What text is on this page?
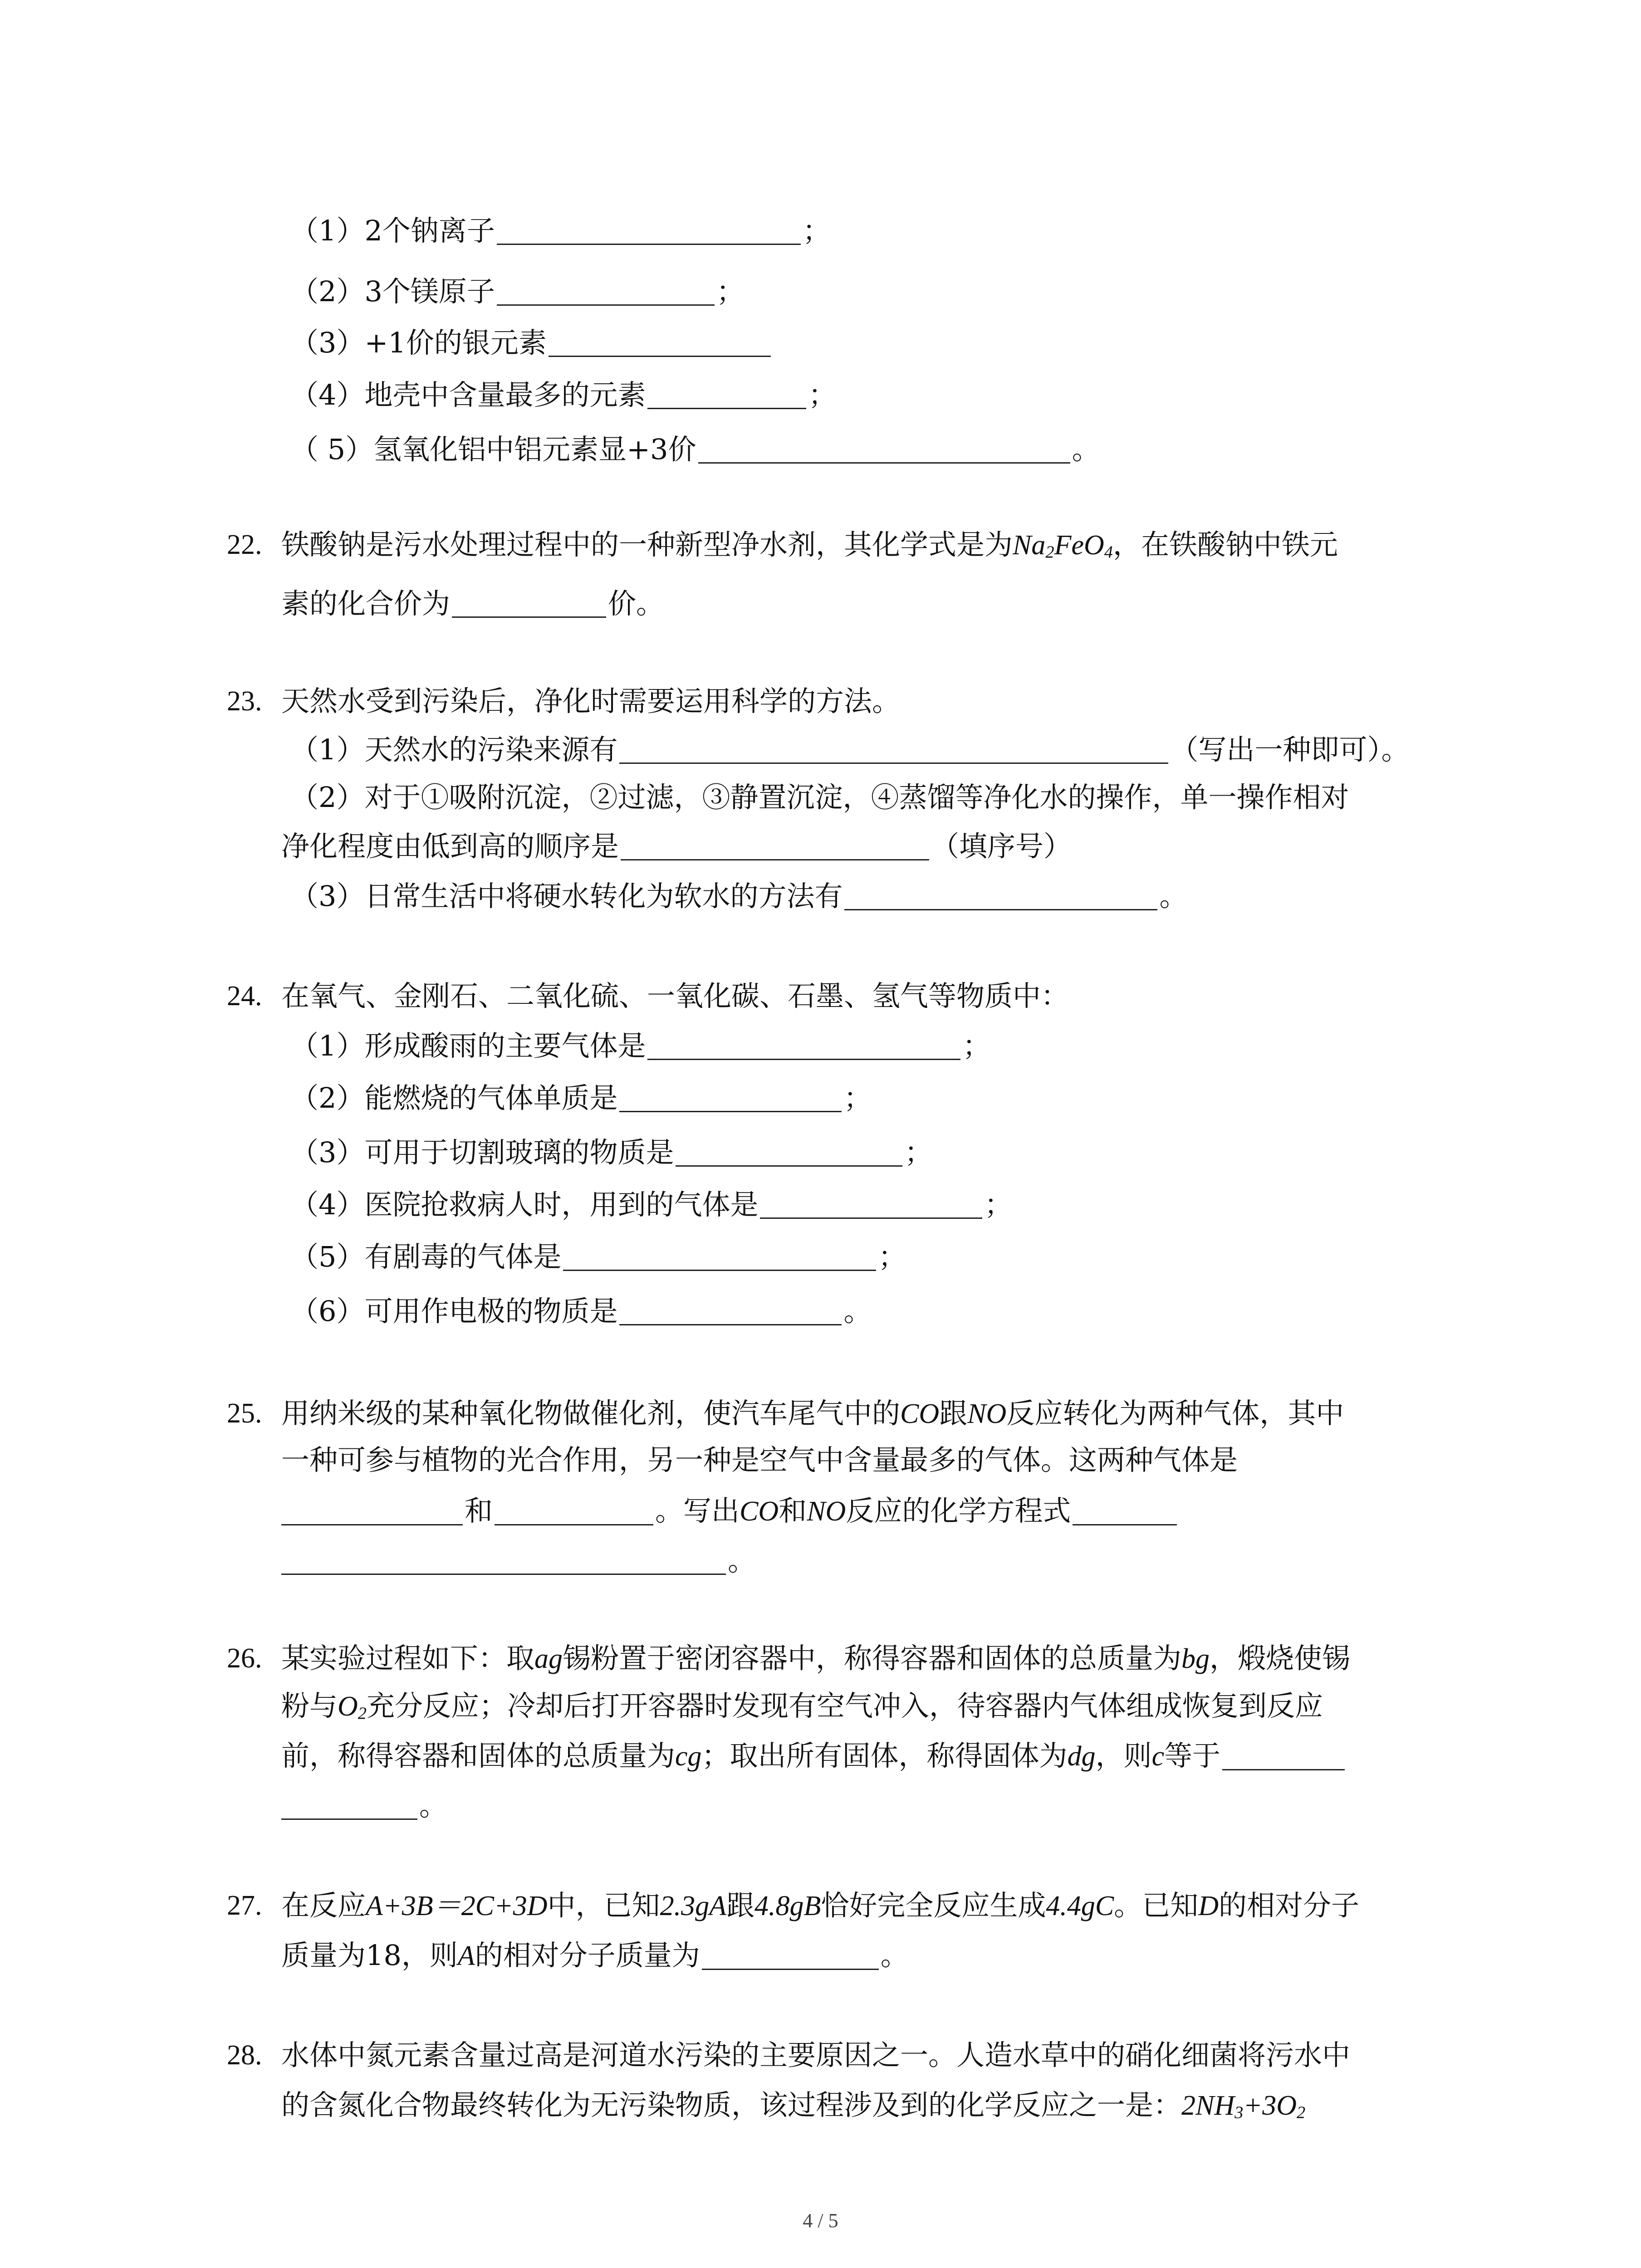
（1）2个钠离子	；
（2）3个镁原子	；
（3）+1价的银元素
（4）地壳中含量最多的元素	；
（ 5）氢氧化铝中铝元素显+3价	。
22. 铁酸钠是污水处理过程中的一种新型净水剂，其化学式是为$Na_2FeO_4$，在铁酸钠中铁元
素的化合价为	价。
23. 天然水受到污染后，净化时需要运用科学的方法。
（1）天然水的污染来源有	（写出一种即可）。
（2）对于①吸附沉淀，②过滤，③静置沉淀，④蒸馏等净化水的操作，单一操作相对
净化程度由低到高的顺序是	（填序号）
（3）日常生活中将硬水转化为软水的方法有	。
24. 在氧气、金刚石、二氧化硫、一氧化碳、石墨、氢气等物质中：
（1）形成酸雨的主要气体是	；
（2）能燃烧的气体单质是	；
（3）可用于切割玻璃的物质是	；
（4）医院抢救病人时，用到的气体是	；
（5）有剧毒的气体是	；
（6）可用作电极的物质是	。
25. 用纳米级的某种氧化物做催化剂，使汽车尾气中的CO跟NO反应转化为两种气体，其中
一种可参与植物的光合作用，另一种是空气中含量最多的气体。这两种气体是
和	。写出CO和NO反应的化学方程式
。
26. 某实验过程如下：取ag锡粉置于密闭容器中，称得容器和固体的总质量为bg，煅烧使锡
粉与$O_2$充分反应；冷却后打开容器时发现有空气冲入，待容器内气体组成恢复到反应
前，称得容器和固体的总质量为cg；取出所有固体，称得固体为dg，则c等于
。
27. 在反应A+3B＝2C+3D中，已知2.3gA跟4.8gB恰好完全反应生成4.4gC。已知D的相对分子
质量为18，则A的相对分子质量为	。
28. 水体中氮元素含量过高是河道水污染的主要原因之一。人造水草中的硝化细菌将污水中
的含氮化合物最终转化为无污染物质，该过程涉及到的化学反应之一是：$2NH_3+3O_2$
4 / 5
